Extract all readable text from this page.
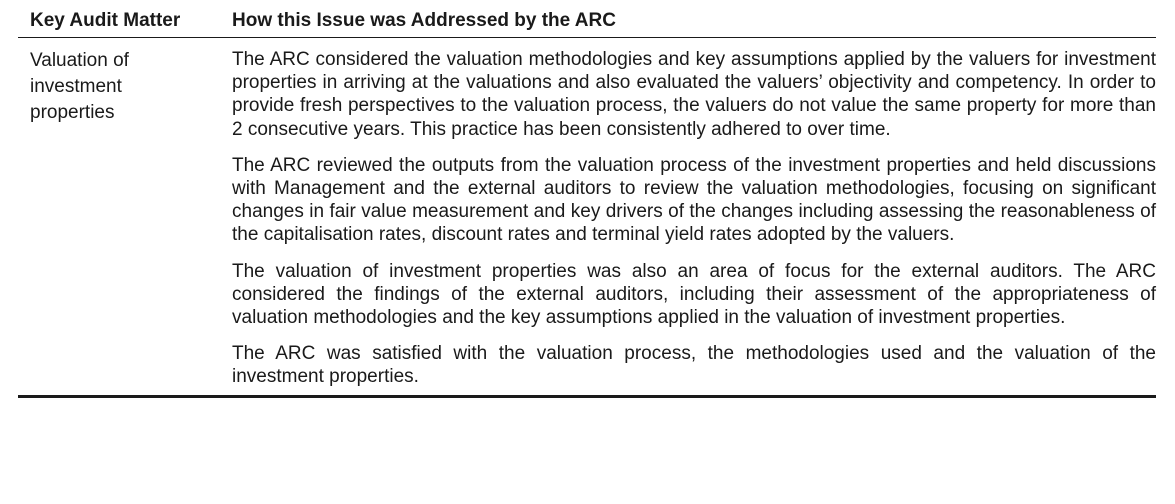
Key Audit Matter	How this Issue was Addressed by the ARC

Valuation of investment properties

The ARC considered the valuation methodologies and key assumptions applied by the valuers for investment properties in arriving at the valuations and also evaluated the valuers’ objectivity and competency. In order to provide fresh perspectives to the valuation process, the valuers do not value the same property for more than 2 consecutive years. This practice has been consistently adhered to over time.

The ARC reviewed the outputs from the valuation process of the investment properties and held discussions with Management and the external auditors to review the valuation methodologies, focusing on significant changes in fair value measurement and key drivers of the changes including assessing the reasonableness of the capitalisation rates, discount rates and terminal yield rates adopted by the valuers.

The valuation of investment properties was also an area of focus for the external auditors. The ARC considered the findings of the external auditors, including their assessment of the appropriateness of valuation methodologies and the key assumptions applied in the valuation of investment properties.

The ARC was satisfied with the valuation process, the methodologies used and the valuation of the investment properties.
